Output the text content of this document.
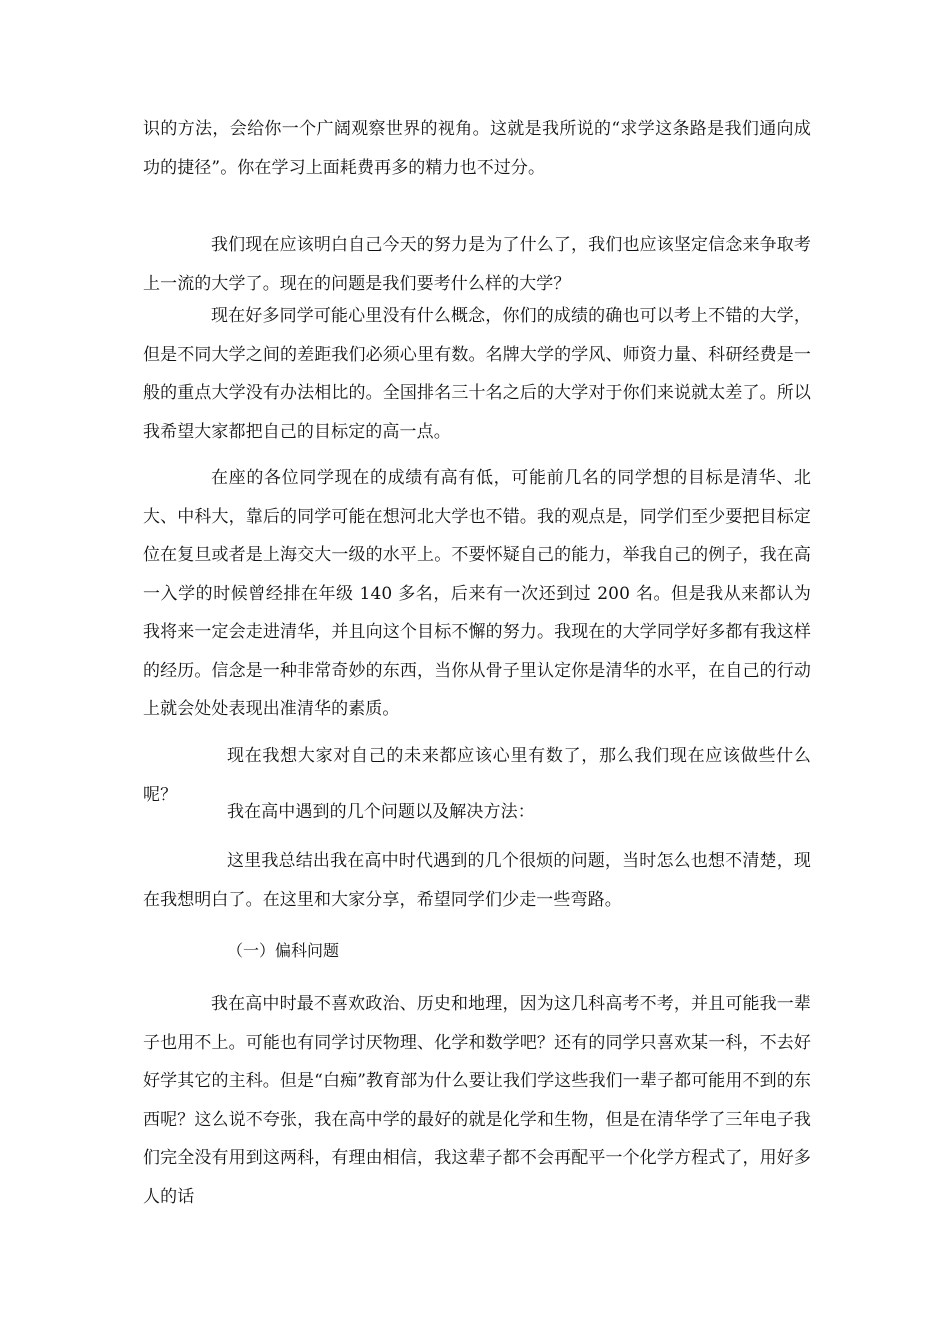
识的方法，会给你一个广阔观察世界的视角。这就是我所说的“求学这条路是我们通向成功的捷径”。你在学习上面耗费再多的精力也不过分。

我们现在应该明白自己今天的努力是为了什么了，我们也应该坚定信念来争取考上一流的大学了。现在的问题是我们要考什么样的大学？

现在好多同学可能心里没有什么概念，你们的成绩的确也可以考上不错的大学，但是不同大学之间的差距我们必须心里有数。名牌大学的学风、师资力量、科研经费是一般的重点大学没有办法相比的。全国排名三十名之后的大学对于你们来说就太差了。所以我希望大家都把自己的目标定的高一点。

在座的各位同学现在的成绩有高有低，可能前几名的同学想的目标是清华、北大、中科大，靠后的同学可能在想河北大学也不错。我的观点是，同学们至少要把目标定位在复旦或者是上海交大一级的水平上。不要怀疑自己的能力，举我自己的例子，我在高一入学的时候曾经排在年级 140 多名，后来有一次还到过 200 名。但是我从来都认为我将来一定会走进清华，并且向这个目标不懈的努力。我现在的大学同学好多都有我这样的经历。信念是一种非常奇妙的东西，当你从骨子里认定你是清华的水平，在自己的行动上就会处处表现出准清华的素质。

现在我想大家对自己的未来都应该心里有数了，那么我们现在应该做些什么呢？

我在高中遇到的几个问题以及解决方法：

这里我总结出我在高中时代遇到的几个很烦的问题，当时怎么也想不清楚，现在我想明白了。在这里和大家分享，希望同学们少走一些弯路。

（一）偏科问题

我在高中时最不喜欢政治、历史和地理，因为这几科高考不考，并且可能我一辈子也用不上。可能也有同学讨厌物理、化学和数学吧？还有的同学只喜欢某一科，不去好好学其它的主科。但是“白痴”教育部为什么要让我们学这些我们一辈子都可能用不到的东西呢？这么说不夸张，我在高中学的最好的就是化学和生物，但是在清华学了三年电子我们完全没有用到这两科，有理由相信，我这辈子都不会再配平一个化学方程式了，用好多人的话
